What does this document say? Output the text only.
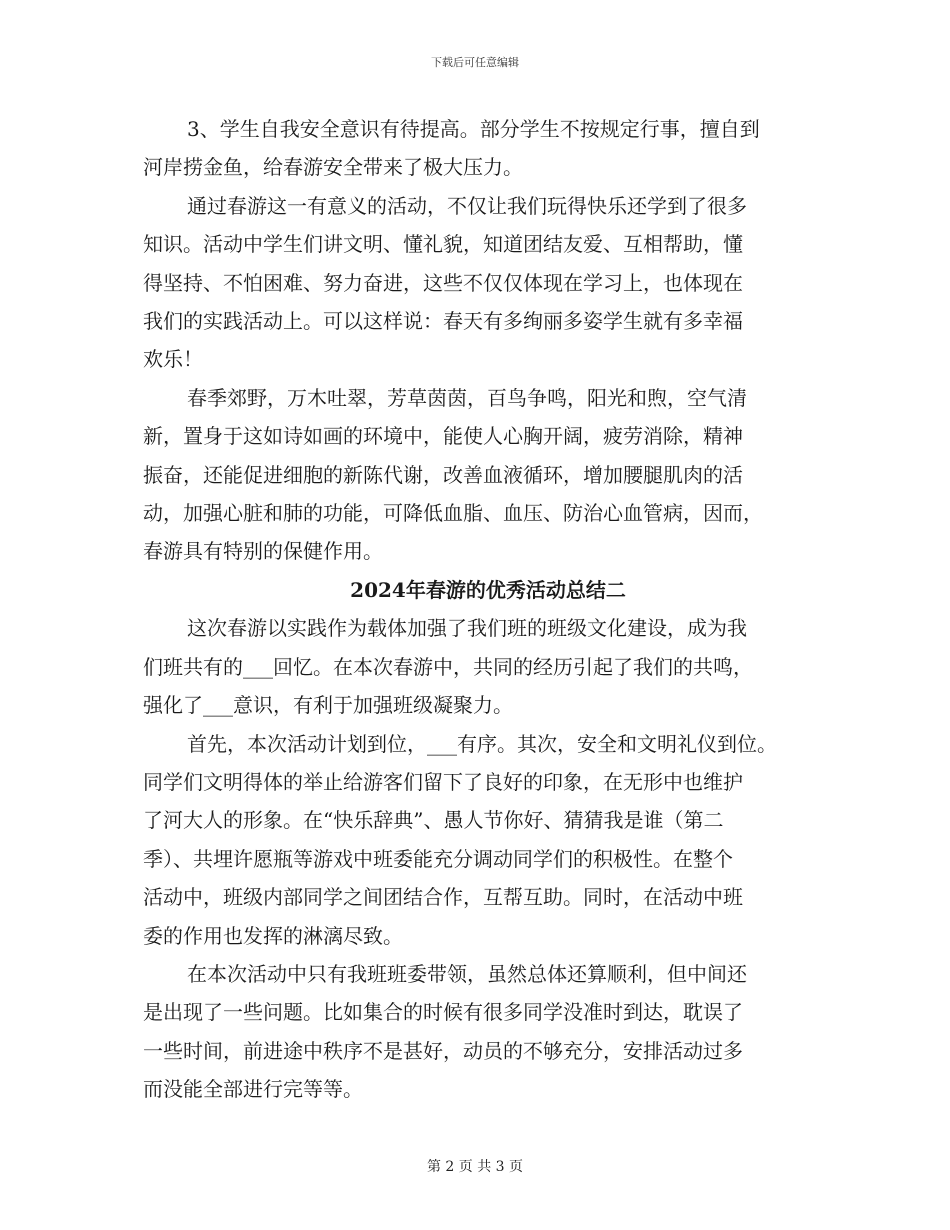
下载后可任意编辑

3、学生自我安全意识有待提高。部分学生不按规定行事，擅自到

河岸捞金鱼，给春游安全带来了极大压力。

通过春游这一有意义的活动，不仅让我们玩得快乐还学到了很多

知识。活动中学生们讲文明、懂礼貌，知道团结友爱、互相帮助，懂

得坚持、不怕困难、努力奋进，这些不仅仅体现在学习上，也体现在

我们的实践活动上。可以这样说：春天有多绚丽多姿学生就有多幸福

欢乐！

春季郊野，万木吐翠，芳草茵茵，百鸟争鸣，阳光和煦，空气清

新，置身于这如诗如画的环境中，能使人心胸开阔，疲劳消除，精神

振奋，还能促进细胞的新陈代谢，改善血液循环，增加腰腿肌肉的活

动，加强心脏和肺的功能，可降低血脂、血压、防治心血管病，因而，

春游具有特别的保健作用。

2024年春游的优秀活动总结二

这次春游以实践作为载体加强了我们班的班级文化建设，成为我

们班共有的___回忆。在本次春游中，共同的经历引起了我们的共鸣，

强化了___意识，有利于加强班级凝聚力。

首先，本次活动计划到位，___有序。其次，安全和文明礼仪到位。

同学们文明得体的举止给游客们留下了良好的印象，在无形中也维护

了河大人的形象。在“快乐辞典”、愚人节你好、猜猜我是谁（第二

季）、共埋许愿瓶等游戏中班委能充分调动同学们的积极性。在整个

活动中，班级内部同学之间团结合作，互帮互助。同时，在活动中班

委的作用也发挥的淋漓尽致。

在本次活动中只有我班班委带领，虽然总体还算顺利，但中间还

是出现了一些问题。比如集合的时候有很多同学没准时到达，耽误了

一些时间，前进途中秩序不是甚好，动员的不够充分，安排活动过多

而没能全部进行完等等。

第 2 页 共 3 页
